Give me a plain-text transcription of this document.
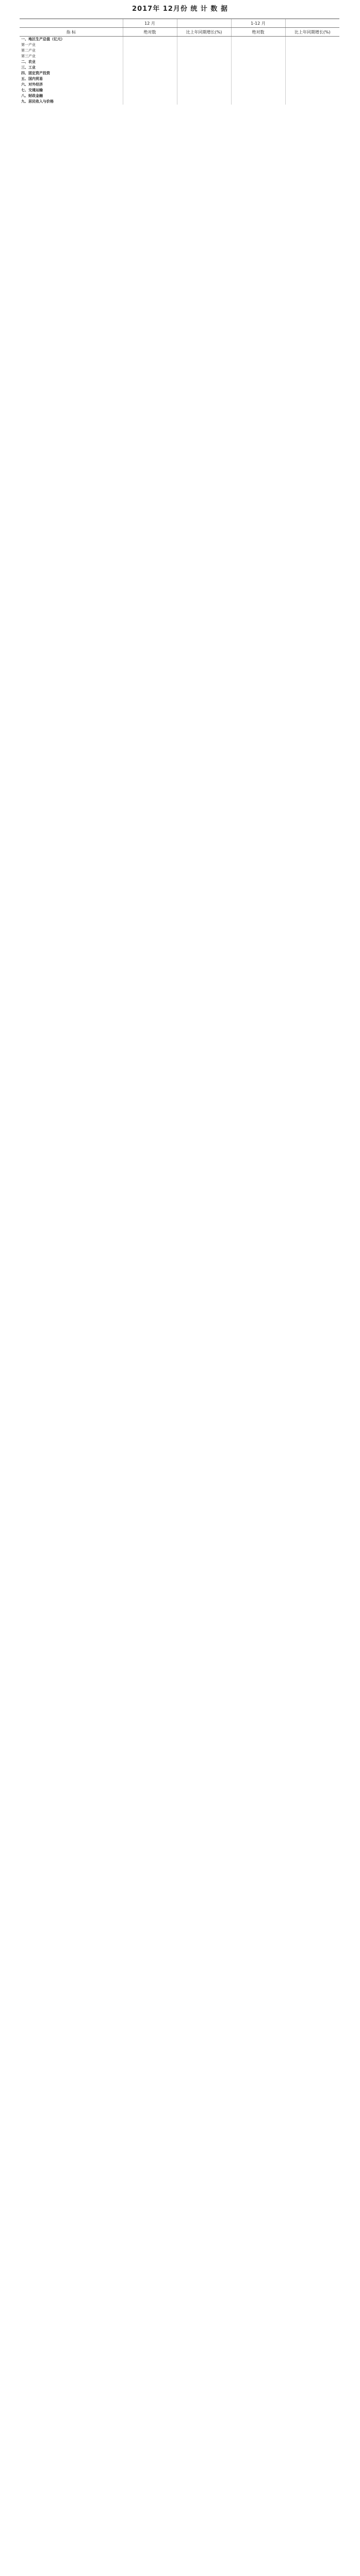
2017年 12月份 统 计 数 据
	12 月		1-12 月	
指 标	绝对数	比上年同期增长(%)	绝对数	比上年同期增长(%)
一、地区生产总值（亿元）				
第一产业				
第二产业				
第三产业				
二、农业				
三、工业				
四、固定资产投资				
五、国内贸易				
六、对外经济				
七、交通运输				
八、财政金融				
九、居民收入与价格				
